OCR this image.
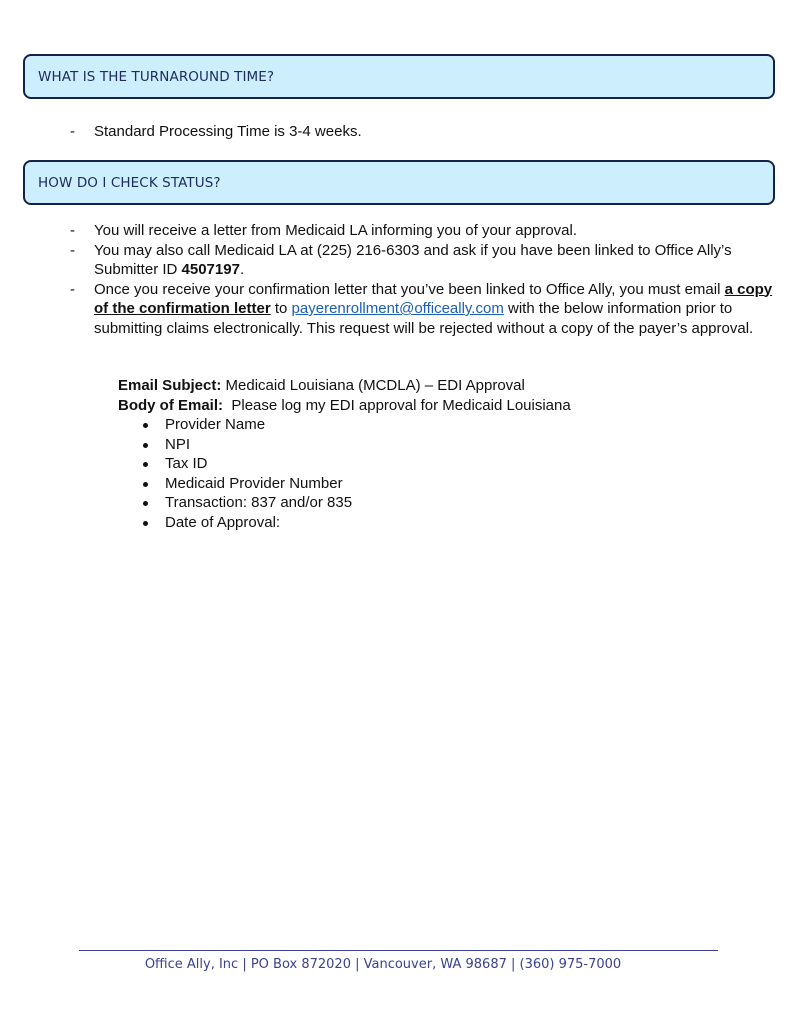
WHAT IS THE TURNAROUND TIME?
- Standard Processing Time is 3-4 weeks.
HOW DO I CHECK STATUS?
- You will receive a letter from Medicaid LA informing you of your approval.
- You may also call Medicaid LA at (225) 216-6303 and ask if you have been linked to Office Ally’s Submitter ID 4507197.
- Once you receive your confirmation letter that you’ve been linked to Office Ally, you must email a copy of the confirmation letter to payerenrollment@officeally.com with the below information prior to submitting claims electronically. This request will be rejected without a copy of the payer’s approval.

Email Subject: Medicaid Louisiana (MCDLA) – EDI Approval

Body of Email:  Please log my EDI approval for Medicaid Louisiana

Provider Name
NPI
Tax ID
Medicaid Provider Number
Transaction: 837 and/or 835
Date of Approval:
Office Ally, Inc | PO Box 872020 | Vancouver, WA 98687 | (360) 975-7000
